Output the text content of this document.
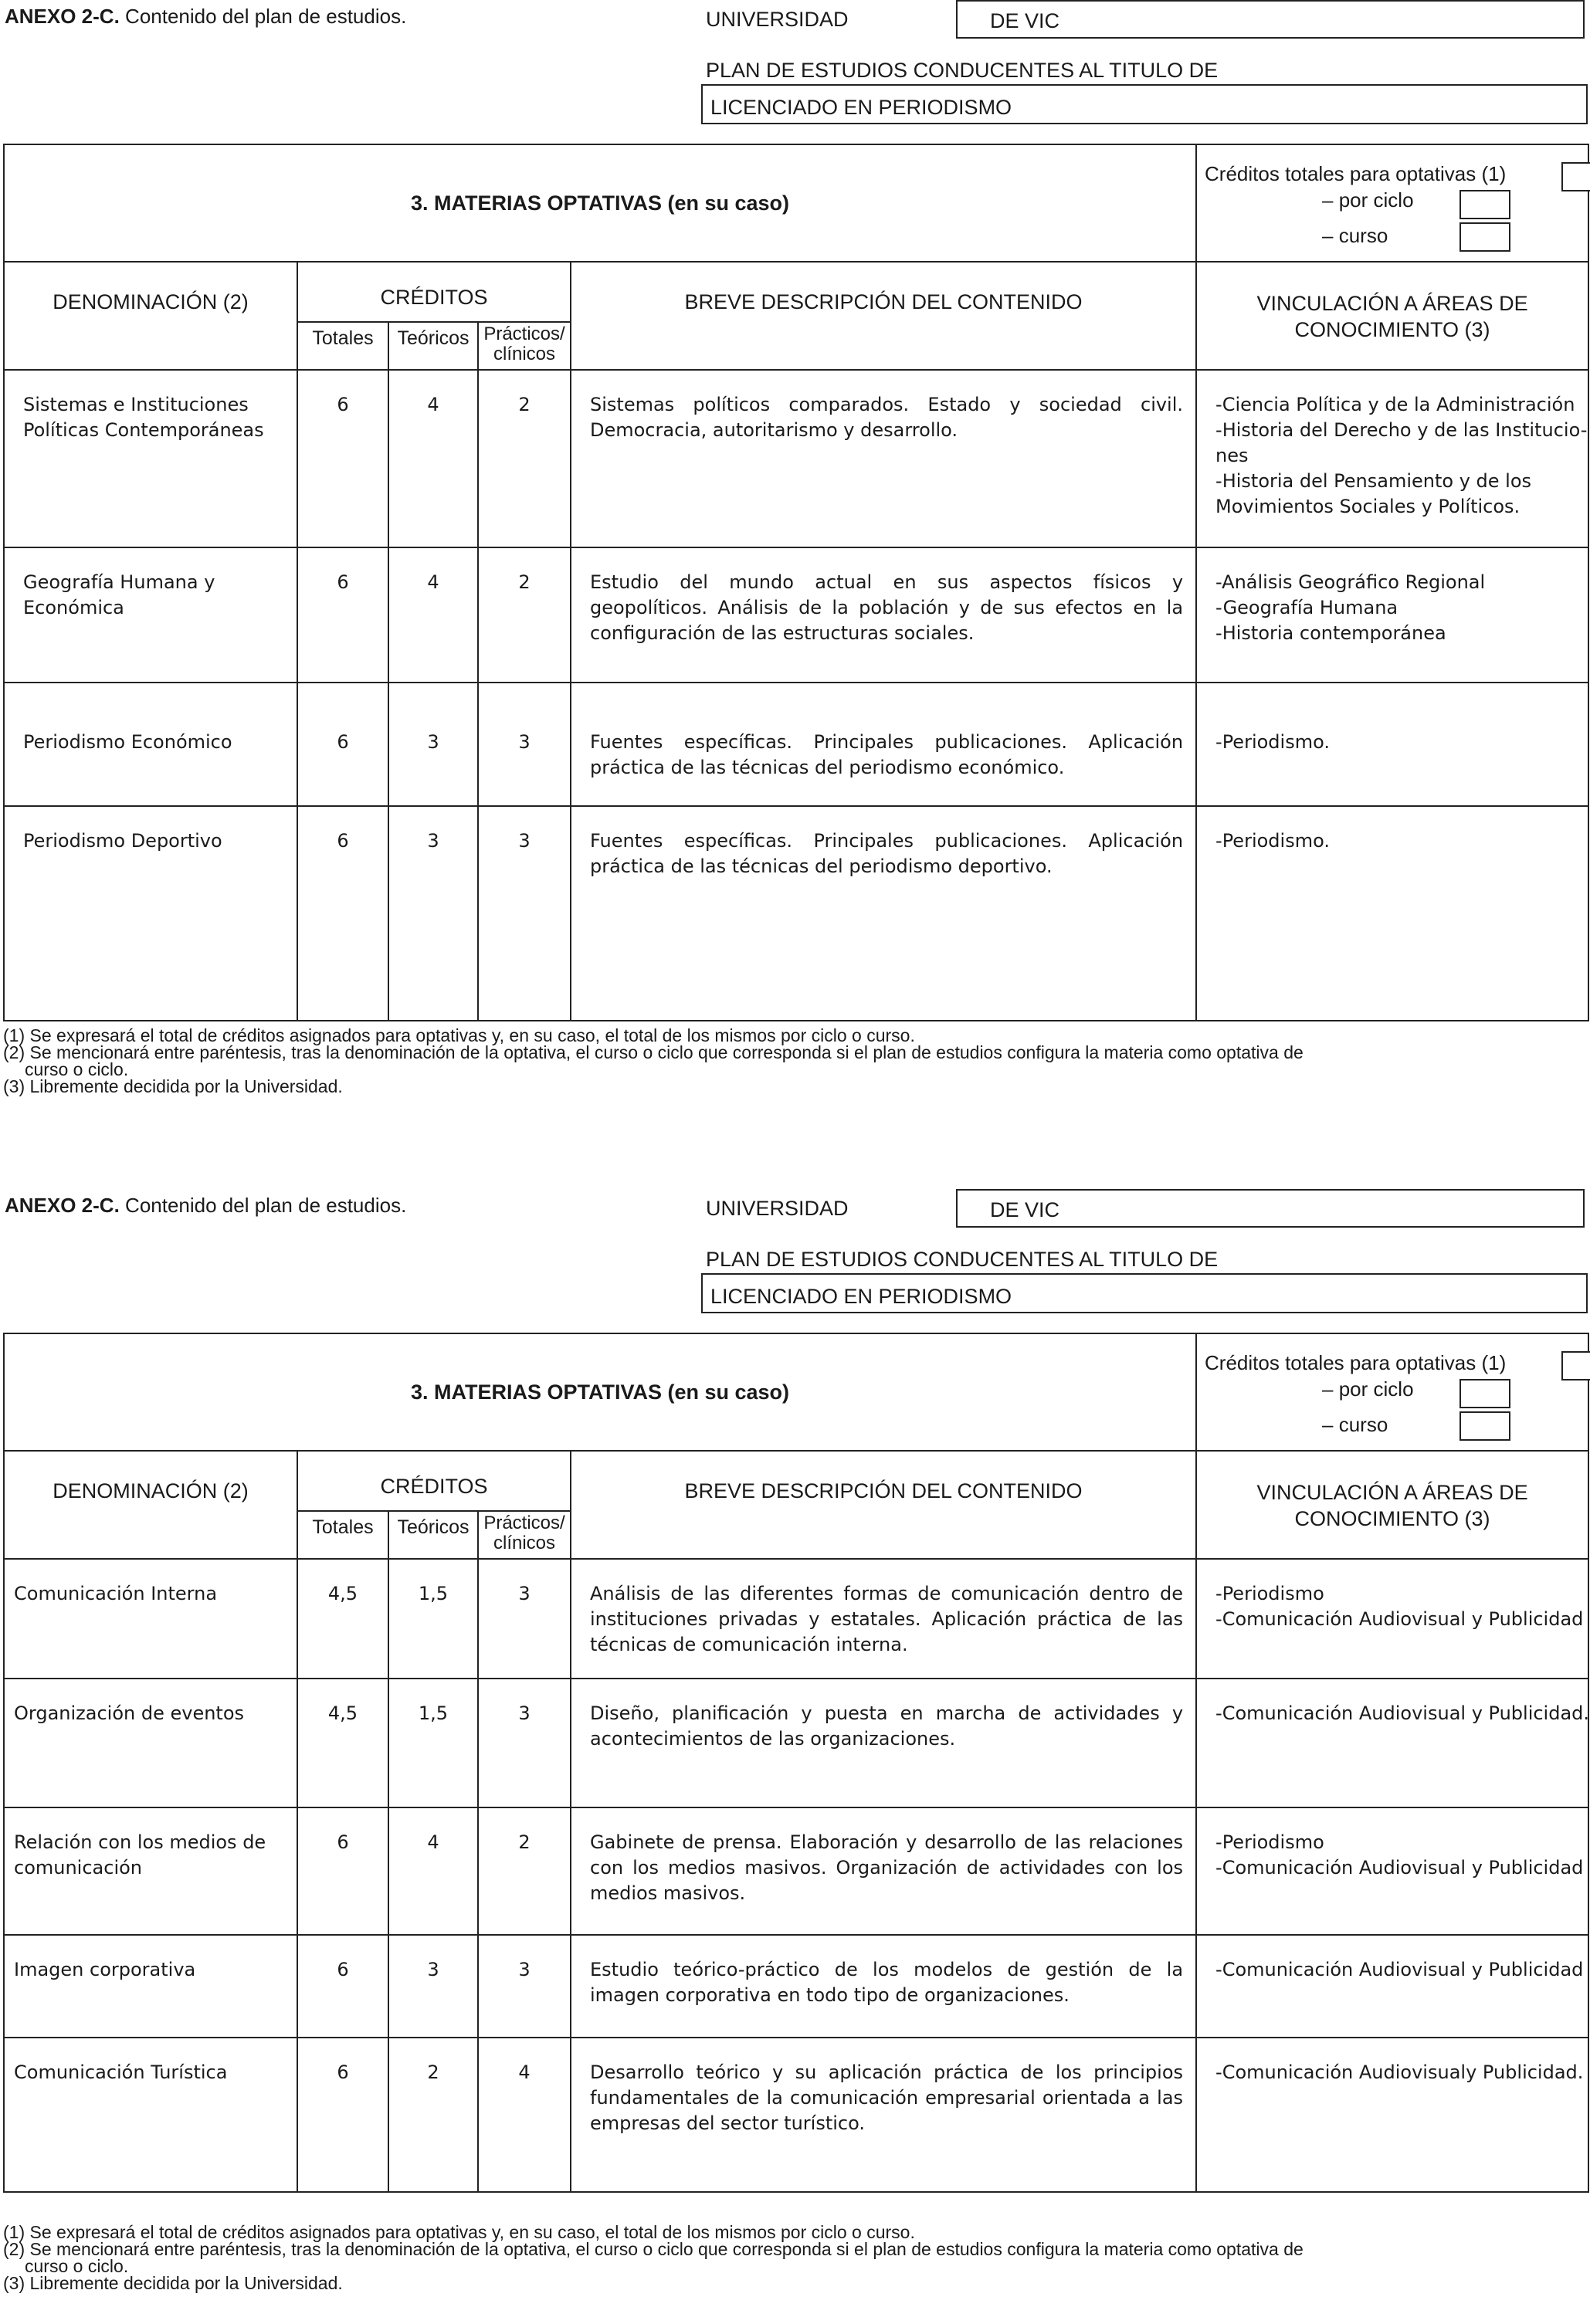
ANEXO 2-C. Contenido del plan de estudios.	UNIVERSIDAD	DE VIC
PLAN DE ESTUDIOS CONDUCENTES AL TITULO DE
LICENCIADO EN PERIODISMO
3. MATERIAS OPTATIVAS (en su caso)					Créditos totales para optativas (1)
– por ciclo
– curso

DENOMINACIÓN (2)	CRÉDITOS			BREVE DESCRIPCIÓN DEL CONTENIDO	VINCULACIÓN A ÁREAS DE
CONOCIMIENTO (3)
	Totales	Teóricos	Prácticos/
clínicos		
Sistemas e Instituciones Políticas Contemporáneas	6	4	2	Sistemas políticos comparados. Estado y sociedad civil. Democracia, autoritarismo y desarrollo.	-Ciencia Política y de la Administración
-Historia del Derecho y de las Institucio-
nes
-Historia del Pensamiento y de los
Movimientos Sociales y Políticos.

Geografía Humana y Económica	6	4	2	Estudio del mundo actual en sus aspectos físicos y geopolíticos. Análisis de la población y de sus efectos en la configuración de las estructuras sociales.	-Análisis Geográfico Regional
-Geografía Humana
-Historia contemporánea

Periodismo Económico	6	3	3	Fuentes específicas. Principales publicaciones. Aplicación práctica de las técnicas del periodismo económico.	-Periodismo.

Periodismo Deportivo	6	3	3	Fuentes específicas. Principales publicaciones. Aplicación práctica de las técnicas del periodismo deportivo.	-Periodismo.
(1) Se expresará el total de créditos asignados para optativas y, en su caso, el total de los mismos por ciclo o curso.
(2) Se mencionará entre paréntesis, tras la denominación de la optativa, el curso o ciclo que corresponda si el plan de estudios configura la materia como optativa de
curso o ciclo.
(3) Libremente decidida por la Universidad.
ANEXO 2-C. Contenido del plan de estudios.	UNIVERSIDAD	DE VIC
PLAN DE ESTUDIOS CONDUCENTES AL TITULO DE
LICENCIADO EN PERIODISMO
3. MATERIAS OPTATIVAS (en su caso)					Créditos totales para optativas (1)
– por ciclo
– curso

DENOMINACIÓN (2)	CRÉDITOS			BREVE DESCRIPCIÓN DEL CONTENIDO	VINCULACIÓN A ÁREAS DE
CONOCIMIENTO (3)
	Totales	Teóricos	Prácticos/
clínicos		
Comunicación Interna	4,5	1,5	3	Análisis de las diferentes formas de comunicación dentro de instituciones privadas y estatales. Aplicación práctica de las técnicas de comunicación interna.	-Periodismo
-Comunicación Audiovisual y Publicidad

Organización de eventos	4,5	1,5	3	Diseño, planificación y puesta en marcha de actividades y acontecimientos de las organizaciones.	-Comunicación Audiovisual y Publicidad.

Relación con los medios de comunicación	6	4	2	Gabinete de prensa. Elaboración y desarrollo de las relaciones con los medios masivos. Organización de actividades con los medios masivos.	-Periodismo
-Comunicación Audiovisual y Publicidad

Imagen corporativa	6	3	3	Estudio teórico-práctico de los modelos de gestión de la imagen corporativa en todo tipo de organizaciones.	-Comunicación Audiovisual y Publicidad

Comunicación Turística	6	2	4	Desarrollo teórico y su aplicación práctica de los principios fundamentales de la comunicación empresarial orientada a las empresas del sector turístico.	-Comunicación Audiovisualy Publicidad.
(1) Se expresará el total de créditos asignados para optativas y, en su caso, el total de los mismos por ciclo o curso.
(2) Se mencionará entre paréntesis, tras la denominación de la optativa, el curso o ciclo que corresponda si el plan de estudios configura la materia como optativa de
curso o ciclo.
(3) Libremente decidida por la Universidad.
